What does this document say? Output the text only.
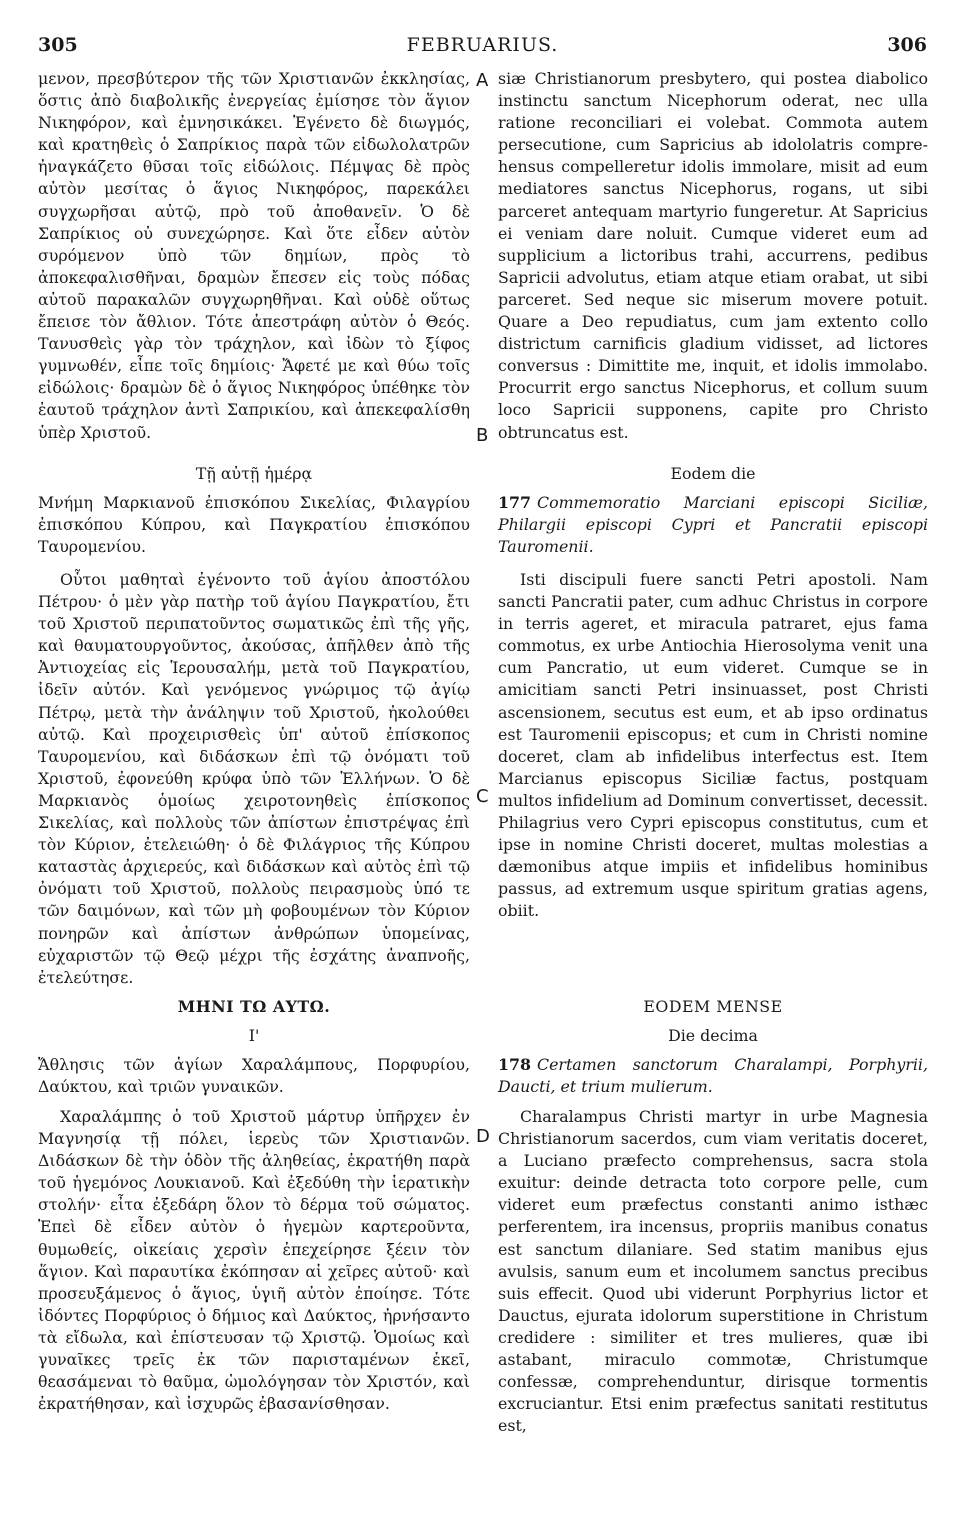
305	FEBRUARIUS.	306
A
B
C
D

μενον, πρεσβύτερον τῆς τῶν Χριστιανῶν ἐκκλησίας, ὅστις ἀπὸ διαβολικῆς ἐνεργείας ἐμίσησε τὸν ἅγιον Νικηφόρον, καὶ ἐμνησικάκει. Ἐγένετο δὲ διωγμός, καὶ κρατηθεὶς ὁ Σαπρίκιος παρὰ τῶν εἰδωλολατρῶν ἠναγκάζετο θῦσαι τοῖς εἰδώλοις. Πέμψας δὲ πρὸς αὐτὸν μεσίτας ὁ ἅγιος Νικηφόρος, παρεκάλει συγχωρῆσαι αὐτῷ, πρὸ τοῦ ἀποθανεῖν. Ὁ δὲ Σαπρίκιος οὐ συνεχώρησε. Καὶ ὅτε εἶδεν αὐτὸν συρόμενον ὑπὸ τῶν δημίων, πρὸς τὸ ἀποκεφαλισθῆναι, δραμὼν ἔπεσεν εἰς τοὺς πόδας αὐτοῦ παρακαλῶν συγχωρηθῆναι. Καὶ οὐδὲ οὕτως ἔπεισε τὸν ἄθλιον. Τότε ἀπεστράφη αὐτὸν ὁ Θεός. Τανυσθεὶς γὰρ τὸν τράχηλον, καὶ ἰδὼν τὸ ξίφος γυμνωθέν, εἶπε τοῖς δημίοις· Ἄφετέ με καὶ θύω τοῖς εἰδώλοις· δραμὼν δὲ ὁ ἅγιος Νικηφόρος ὑπέθηκε τὸν ἑαυτοῦ τράχηλον ἀντὶ Σαπρικίου, καὶ ἀπεκεφαλίσθη ὑπὲρ Χριστοῦ.

Τῇ αὐτῇ ἡμέρᾳ
Μνήμη Μαρκιανοῦ ἐπισκόπου Σικελίας, Φιλαγρίου ἐπισκόπου Κύπρου, καὶ Παγκρατίου ἐπισκόπου Ταυρομενίου.

Οὗτοι μαθηταὶ ἐγένοντο τοῦ ἁγίου ἀποστόλου Πέτρου· ὁ μὲν γὰρ πατὴρ τοῦ ἁγίου Παγκρατίου, ἔτι τοῦ Χριστοῦ περιπατοῦντος σωματικῶς ἐπὶ τῆς γῆς, καὶ θαυματουργοῦντος, ἀκούσας, ἀπῆλθεν ἀπὸ τῆς Ἀντιοχείας εἰς Ἱερουσαλήμ, μετὰ τοῦ Παγκρατίου, ἰδεῖν αὐτόν. Καὶ γενόμενος γνώριμος τῷ ἁγίῳ Πέτρῳ, μετὰ τὴν ἀνάληψιν τοῦ Χριστοῦ, ἠκολούθει αὐτῷ. Καὶ προχειρισθεὶς ὑπ' αὐτοῦ ἐπίσκοπος Ταυρομενίου, καὶ διδάσκων ἐπὶ τῷ ὀνόματι τοῦ Χριστοῦ, ἐφονεύθη κρύφα ὑπὸ τῶν Ἑλλήνων. Ὁ δὲ Μαρκιανὸς ὁμοίως χειροτονηθεὶς ἐπίσκοπος Σικελίας, καὶ πολλοὺς τῶν ἀπίστων ἐπιστρέψας ἐπὶ τὸν Κύριον, ἐτελειώθη· ὁ δὲ Φιλάγριος τῆς Κύπρου καταστὰς ἀρχιερεύς, καὶ διδάσκων καὶ αὐτὸς ἐπὶ τῷ ὀνόματι τοῦ Χριστοῦ, πολλοὺς πειρασμοὺς ὑπό τε τῶν δαιμόνων, καὶ τῶν μὴ φοβουμένων τὸν Κύριον πονηρῶν καὶ ἀπίστων ἀνθρώπων ὑπομείνας, εὐχαριστῶν τῷ Θεῷ μέχρι τῆς ἐσχάτης ἀναπνοῆς, ἐτελεύτησε.

ΜΗΝΙ ΤΩ ΑΥΤΩ.
Ι'
Ἄθλησις τῶν ἁγίων Χαραλάμπους, Πορφυρίου, Δαύκτου, καὶ τριῶν γυναικῶν.

Χαραλάμπης ὁ τοῦ Χριστοῦ μάρτυρ ὑπῆρχεν ἐν Μαγνησίᾳ τῇ πόλει, ἱερεὺς τῶν Χριστιανῶν. Διδάσκων δὲ τὴν ὁδὸν τῆς ἀληθείας, ἐκρατήθη παρὰ τοῦ ἡγεμόνος Λουκιανοῦ. Καὶ ἐξεδύθη τὴν ἱερατικὴν στολήν· εἶτα ἐξεδάρη ὅλον τὸ δέρμα τοῦ σώματος. Ἐπεὶ δὲ εἶδεν αὐτὸν ὁ ἡγεμὼν καρτεροῦντα, θυμωθείς, οἰκείαις χερσὶν ἐπεχείρησε ξέειν τὸν ἅγιον. Καὶ παραυτίκα ἐκόπησαν αἱ χεῖρες αὐτοῦ· καὶ προσευξάμενος ὁ ἅγιος, ὑγιῆ αὐτὸν ἐποίησε. Τότε ἰδόντες Πορφύριος ὁ δήμιος καὶ Δαύκτος, ἠρνήσαντο τὰ εἴδωλα, καὶ ἐπίστευσαν τῷ Χριστῷ. Ὁμοίως καὶ γυναῖκες τρεῖς ἐκ τῶν παρισταμένων ἐκεῖ, θεασάμεναι τὸ θαῦμα, ὡμολόγησαν τὸν Χριστόν, καὶ ἐκρατήθησαν, καὶ ἰσχυρῶς ἐβασανίσθησαν.

siæ Christianorum presbytero, qui postea diabolico instinctu sanctum Nicephorum oderat, nec ulla ratione reconciliari ei volebat. Commota autem persecutione, cum Sapricius ab idololatris comprehensus compelleretur idolis immolare, misit ad eum mediatores sanctus Nicephorus, rogans, ut sibi parceret antequam martyrio fungeretur. At Sapricius ei veniam dare noluit. Cumque videret eum ad supplicium a lictoribus trahi, accurrens, pedibus Sapricii advolutus, etiam atque etiam orabat, ut sibi parceret. Sed neque sic miserum movere potuit. Quare a Deo repudiatus, cum jam extento collo districtum carnificis gladium vidisset, ad lictores conversus : Dimittite me, inquit, et idolis immolabo. Procurrit ergo sanctus Nicephorus, et collum suum loco Sapricii supponens, capite pro Christo obtruncatus est.

Eodem die
177 Commemoratio Marciani episcopi Siciliæ, Philargii episcopi Cypri et Pancratii episcopi Tauromenii.

Isti discipuli fuere sancti Petri apostoli. Nam sancti Pancratii pater, cum adhuc Christus in corpore in terris ageret, et miracula patraret, ejus fama commotus, ex urbe Antiochia Hierosolyma venit una cum Pancratio, ut eum videret. Cumque se in amicitiam sancti Petri insinuasset, post Christi ascensionem, secutus est eum, et ab ipso ordinatus est Tauromenii episcopus; et cum in Christi nomine doceret, clam ab infidelibus interfectus est. Item Marcianus episcopus Siciliæ factus, postquam multos infidelium ad Dominum convertisset, decessit. Philagrius vero Cypri episcopus constitutus, cum et ipse in nomine Christi doceret, multas molestias a dæmonibus atque impiis et infidelibus hominibus passus, ad extremum usque spiritum gratias agens, obiit.

EODEM MENSE
Die decima
178 Certamen sanctorum Charalampi, Porphyrii, Daucti, et trium mulierum.

Charalampus Christi martyr in urbe Magnesia Christianorum sacerdos, cum viam veritatis doceret, a Luciano præfecto comprehensus, sacra stola exuitur: deinde detracta toto corpore pelle, cum videret eum præfectus constanti animo isthæc perferentem, ira incensus, propriis manibus conatus est sanctum dilaniare. Sed statim manibus ejus avulsis, sanum eum et incolumem sanctus precibus suis effecit. Quod ubi viderunt Porphyrius lictor et Dauctus, ejurata idolorum superstitione in Christum credidere : similiter et tres mulieres, quæ ibi astabant, miraculo commotæ, Christumque confessæ, comprehenduntur, dirisque tormentis excruciantur. Etsi enim præfectus sanitati restitutus est,
